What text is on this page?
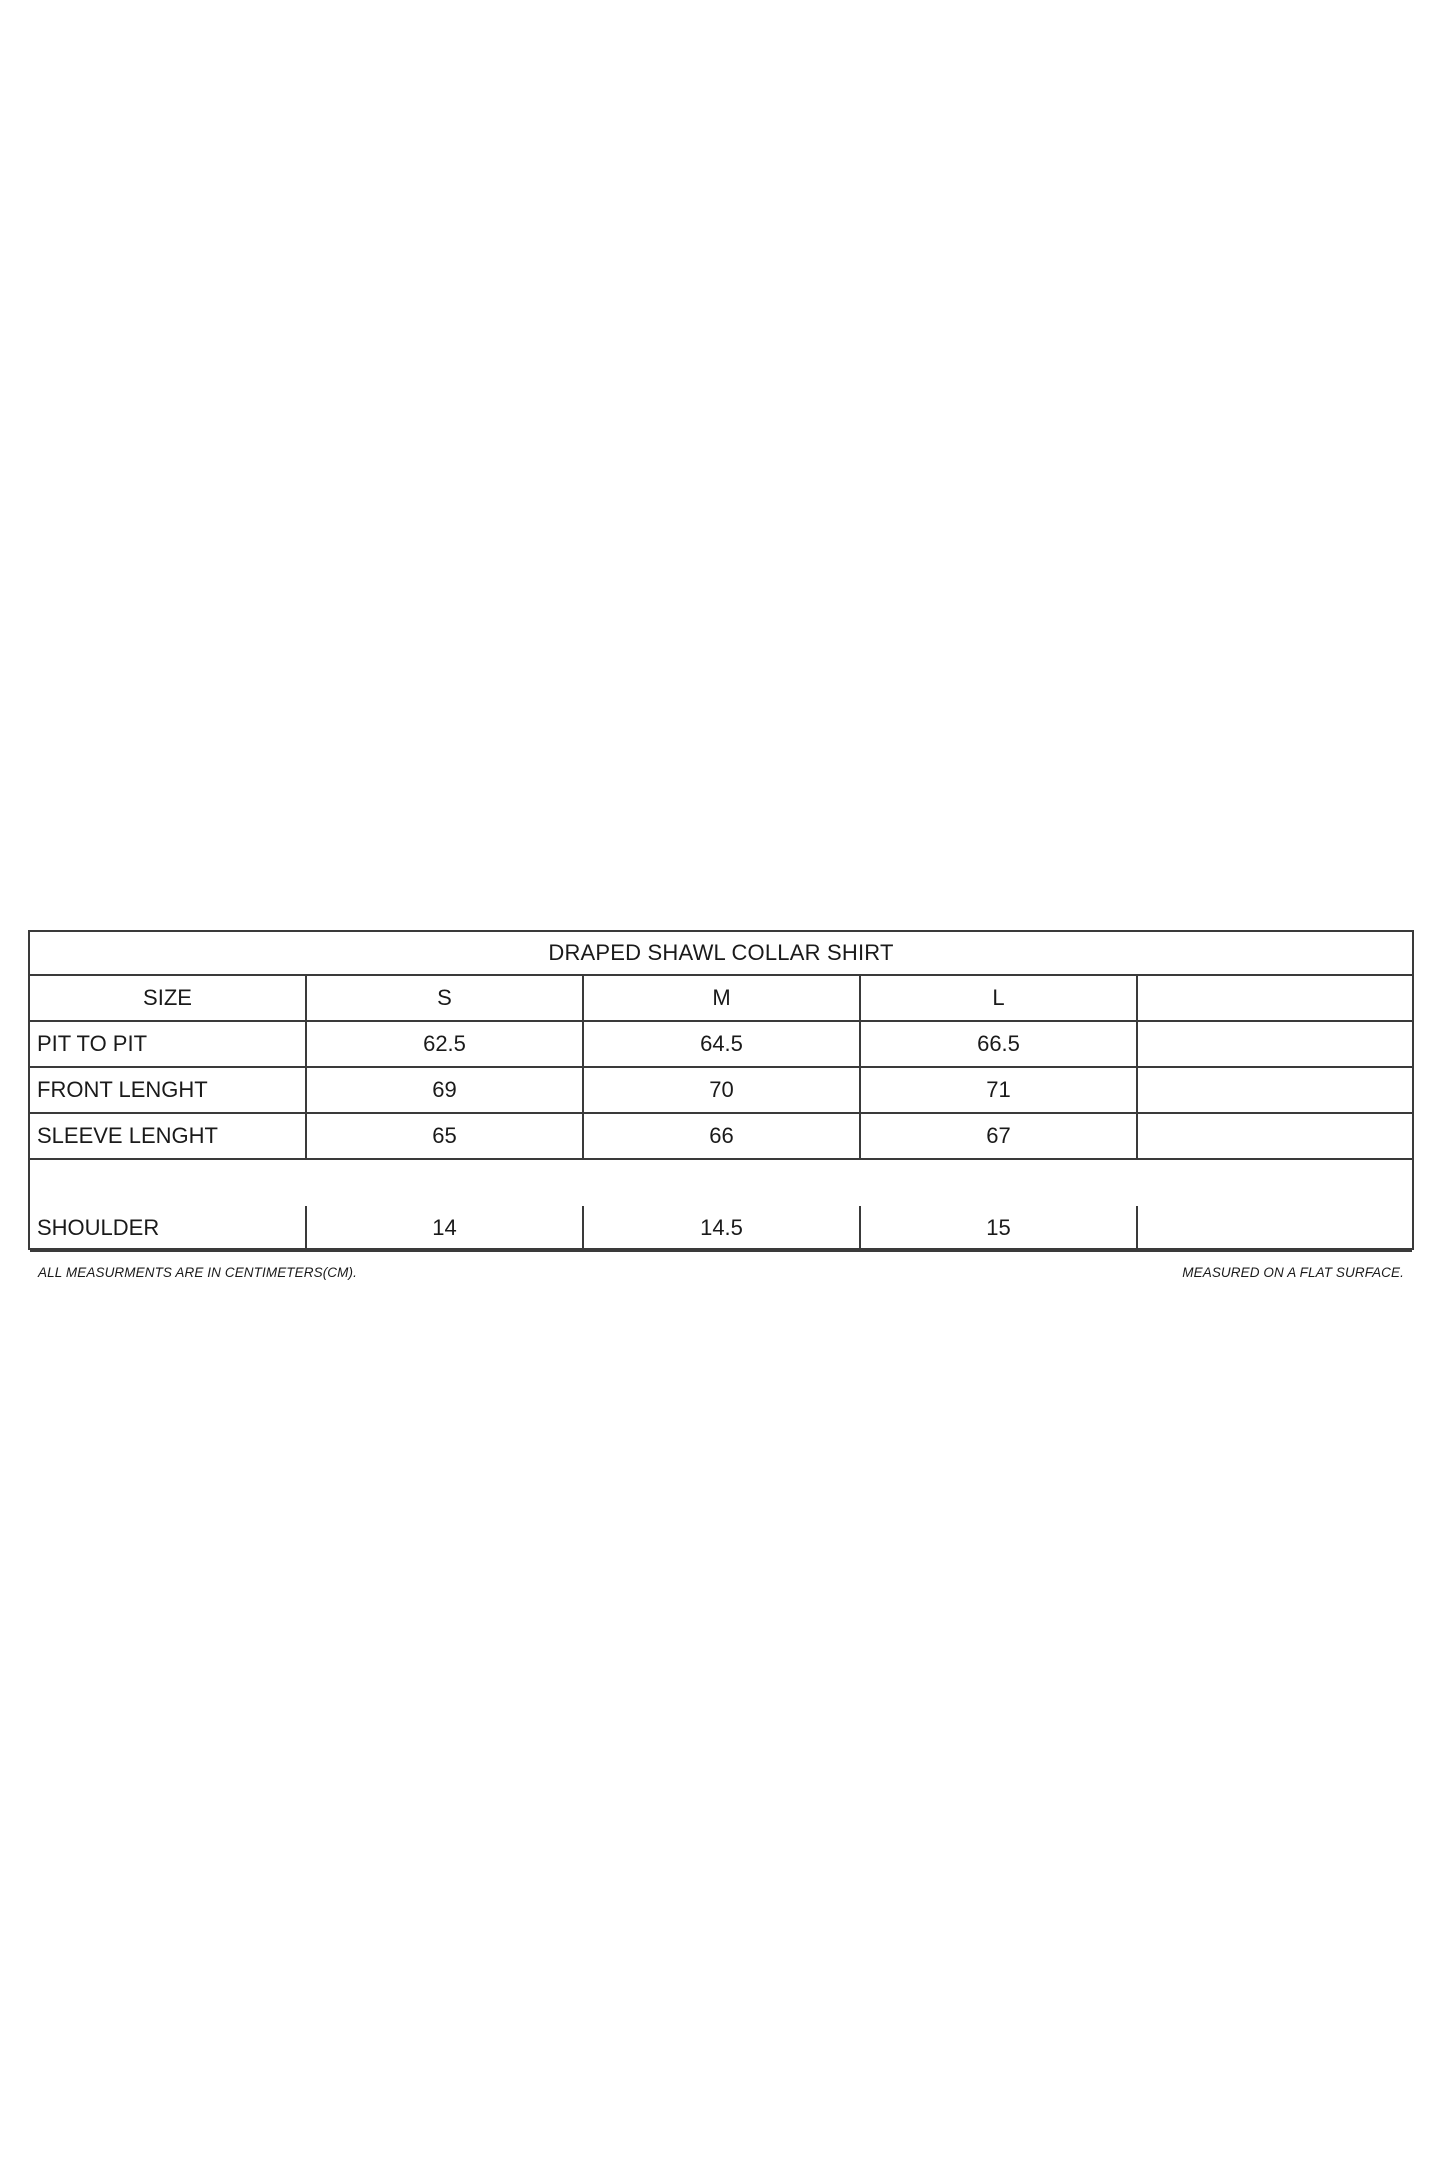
DRAPED SHAWL COLLAR SHIRT
SIZE	S	M	L
PIT TO PIT	62.5	64.5	66.5
FRONT LENGHT	69	70	71
SLEEVE LENGHT	65	66	67
SHOULDER	14	14.5	15
ALL MEASURMENTS ARE IN CENTIMETERS(CM).	MEASURED ON A FLAT SURFACE.
